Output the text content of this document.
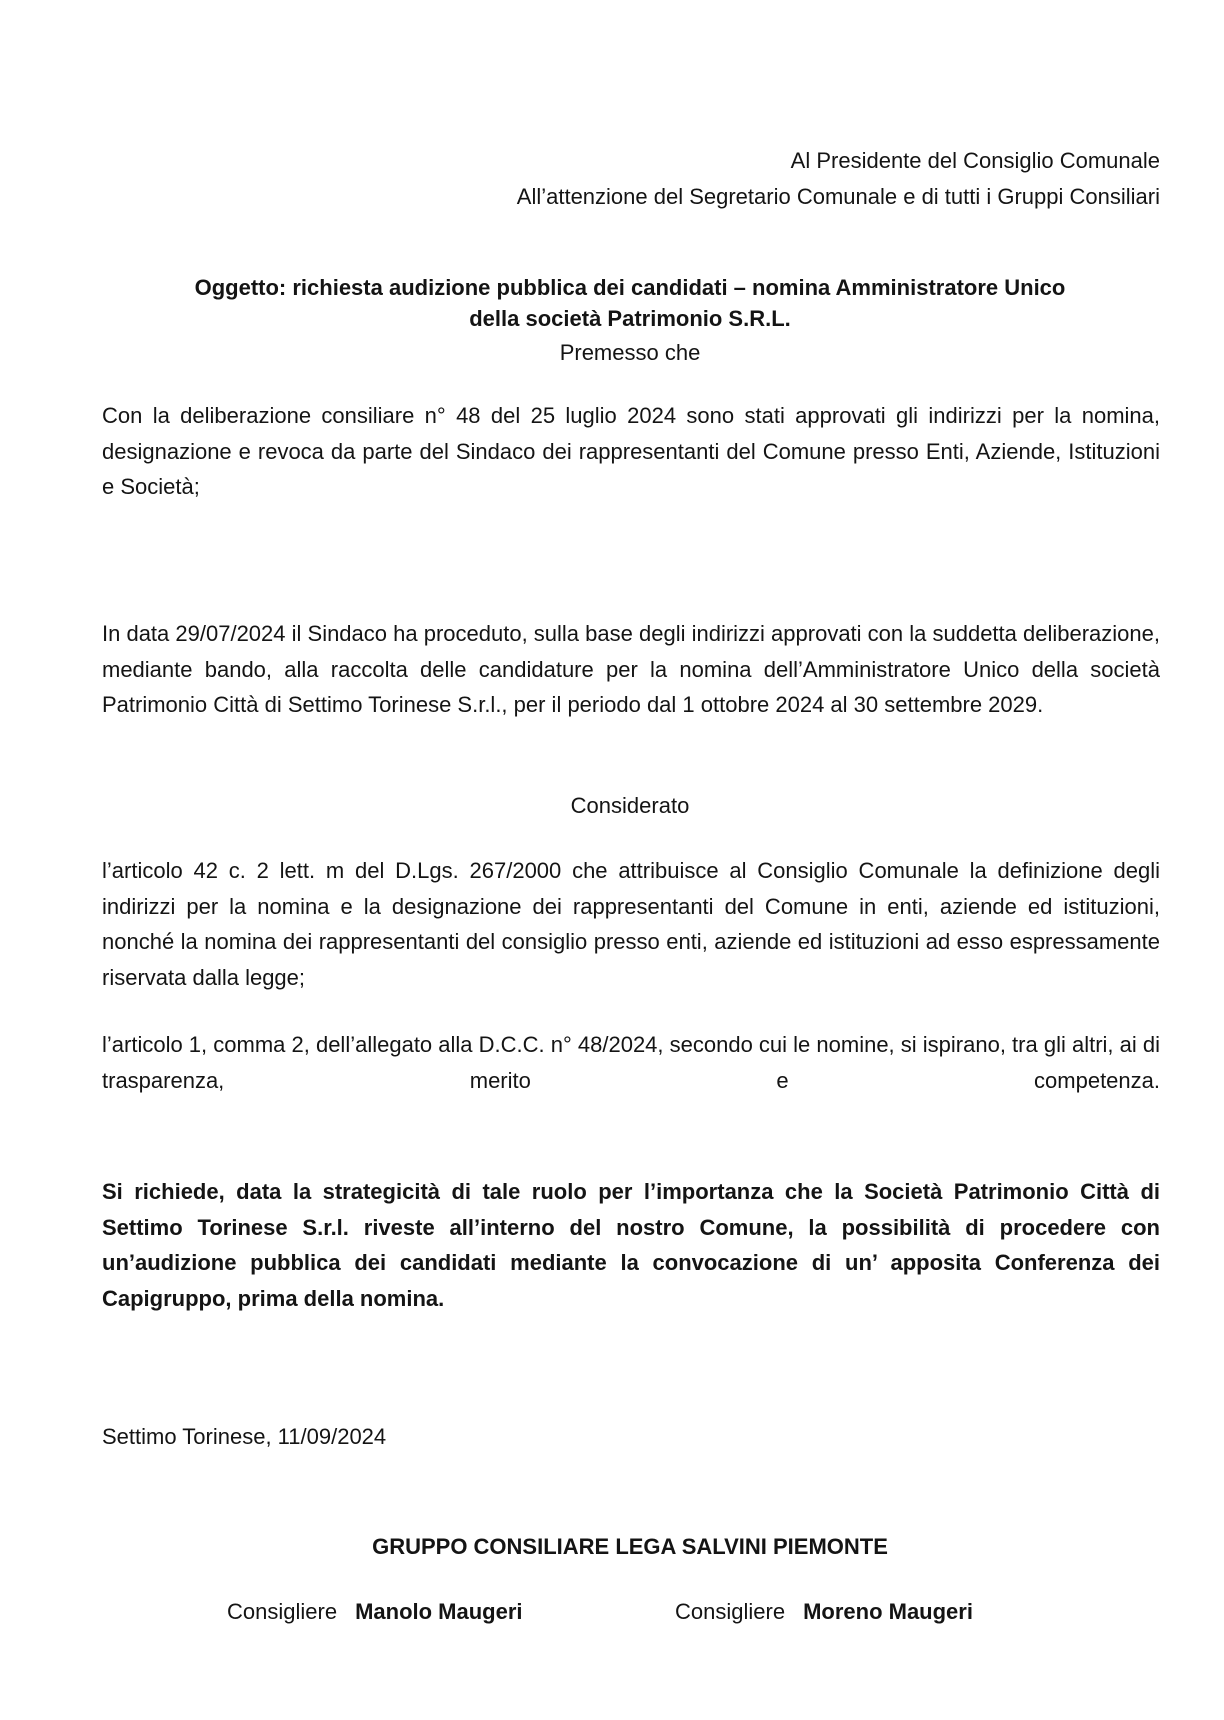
Al Presidente del Consiglio Comunale
All’attenzione del Segretario Comunale e di tutti i Gruppi Consiliari
Oggetto: richiesta audizione pubblica dei candidati – nomina Amministratore Unico
della società Patrimonio S.R.L.
Premesso che
Con la deliberazione consiliare n° 48 del 25 luglio 2024 sono stati approvati gli indirizzi per la nomina, designazione e revoca da parte del Sindaco dei rappresentanti del Comune presso Enti, Aziende, Istituzioni e Società;
In data 29/07/2024 il Sindaco ha proceduto, sulla base degli indirizzi approvati con la suddetta deliberazione, mediante bando, alla raccolta delle candidature per la nomina dell’Amministratore Unico della società Patrimonio Città di Settimo Torinese S.r.l., per il periodo dal 1 ottobre 2024 al 30 settembre 2029.
Considerato
l’articolo 42 c. 2 lett. m del D.Lgs. 267/2000 che attribuisce al Consiglio Comunale la definizione degli indirizzi per la nomina e la designazione dei rappresentanti del Comune in enti, aziende ed istituzioni, nonché la nomina dei rappresentanti del consiglio presso enti, aziende ed istituzioni ad esso espressamente riservata dalla legge;
l’articolo 1, comma 2, dell’allegato alla D.C.C. n° 48/2024, secondo cui le nomine, si ispirano, tra gli altri, ai di trasparenza, merito e competenza.
Si richiede, data la strategicità di tale ruolo per l’importanza che la Società Patrimonio Città di Settimo Torinese S.r.l. riveste all’interno del nostro Comune, la possibilità di procedere con un’audizione pubblica dei candidati mediante la convocazione di un’ apposita Conferenza dei Capigruppo, prima della nomina.
Settimo Torinese, 11/09/2024
GRUPPO CONSILIARE LEGA SALVINI PIEMONTE
Consigliere Manolo Maugeri	Consigliere Moreno Maugeri
